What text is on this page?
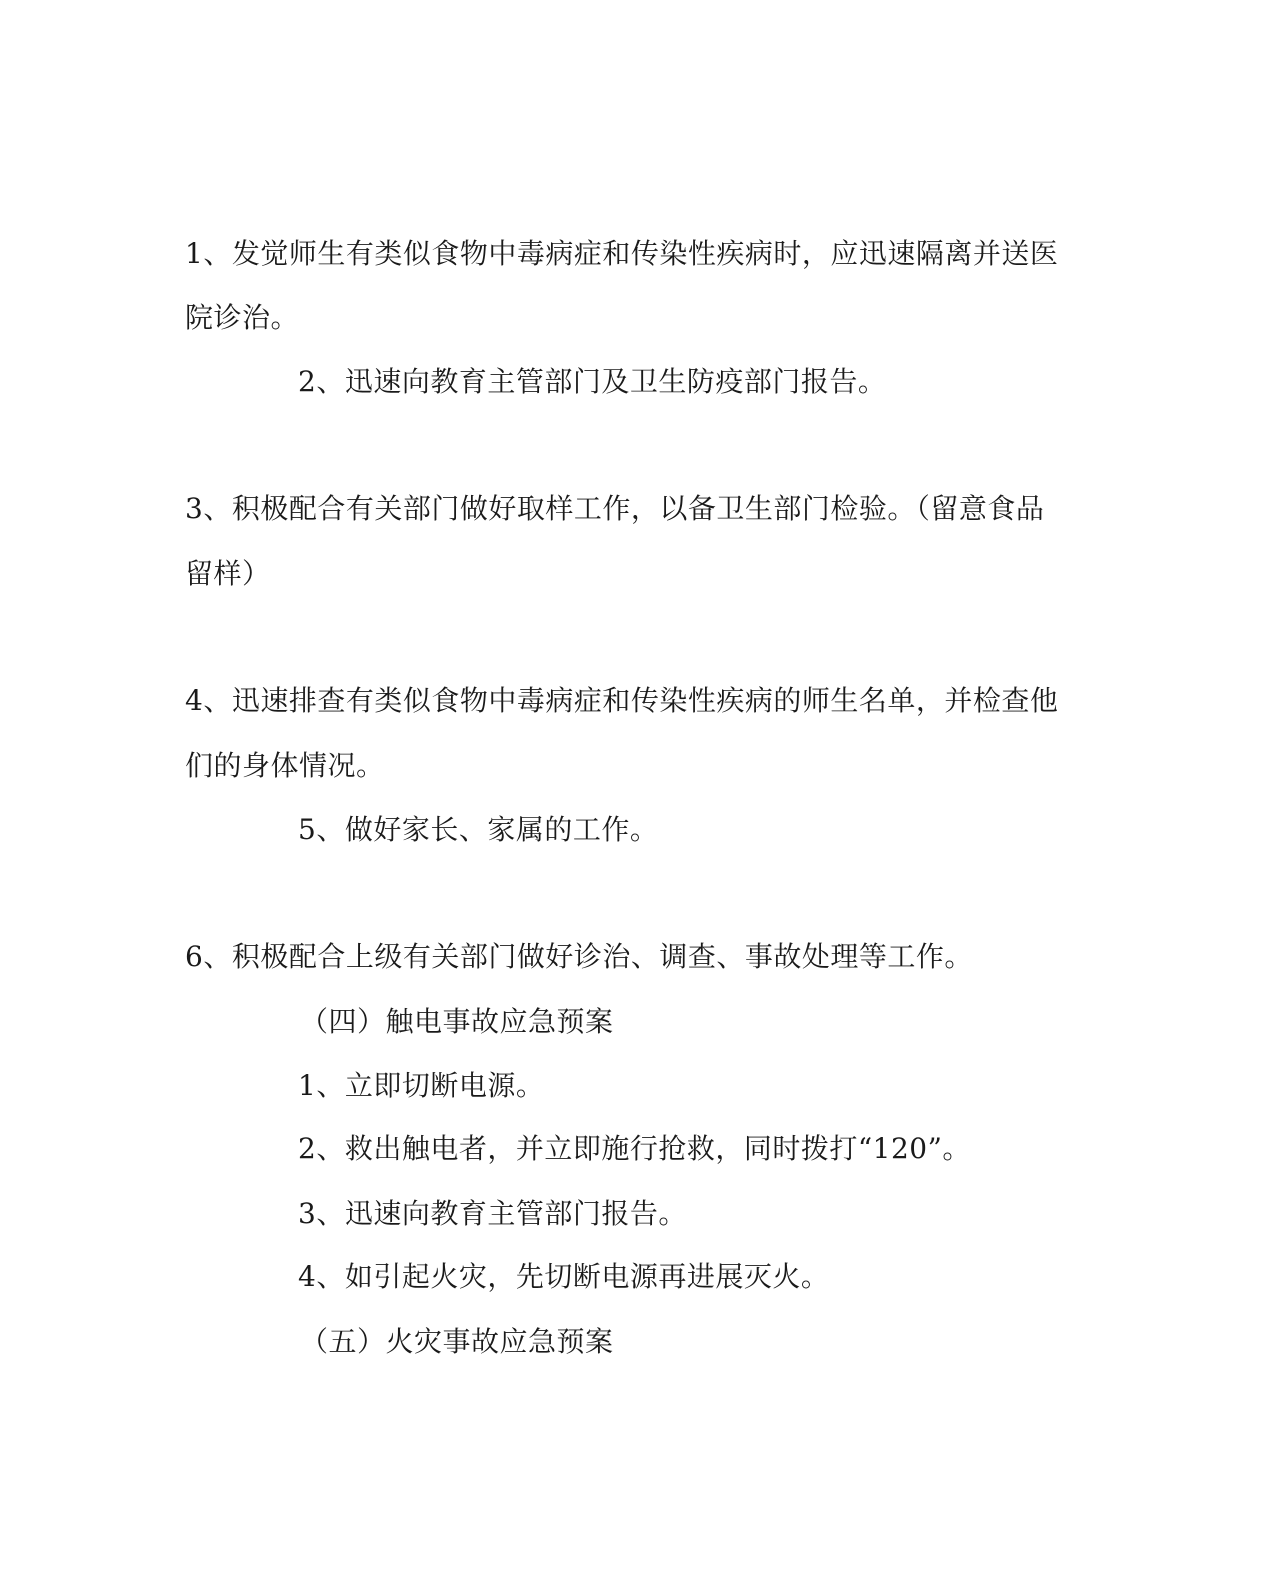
1、发觉师生有类似食物中毒病症和传染性疾病时，应迅速隔离并送医
院诊治。
2、迅速向教育主管部门及卫生防疫部门报告。
3、积极配合有关部门做好取样工作，以备卫生部门检验。（留意食品
留样）
4、迅速排查有类似食物中毒病症和传染性疾病的师生名单，并检查他
们的身体情况。
5、做好家长、家属的工作。
6、积极配合上级有关部门做好诊治、调查、事故处理等工作。
（四）触电事故应急预案
1、立即切断电源。
2、救出触电者，并立即施行抢救，同时拨打“120”。
3、迅速向教育主管部门报告。
4、如引起火灾，先切断电源再进展灭火。
（五）火灾事故应急预案
